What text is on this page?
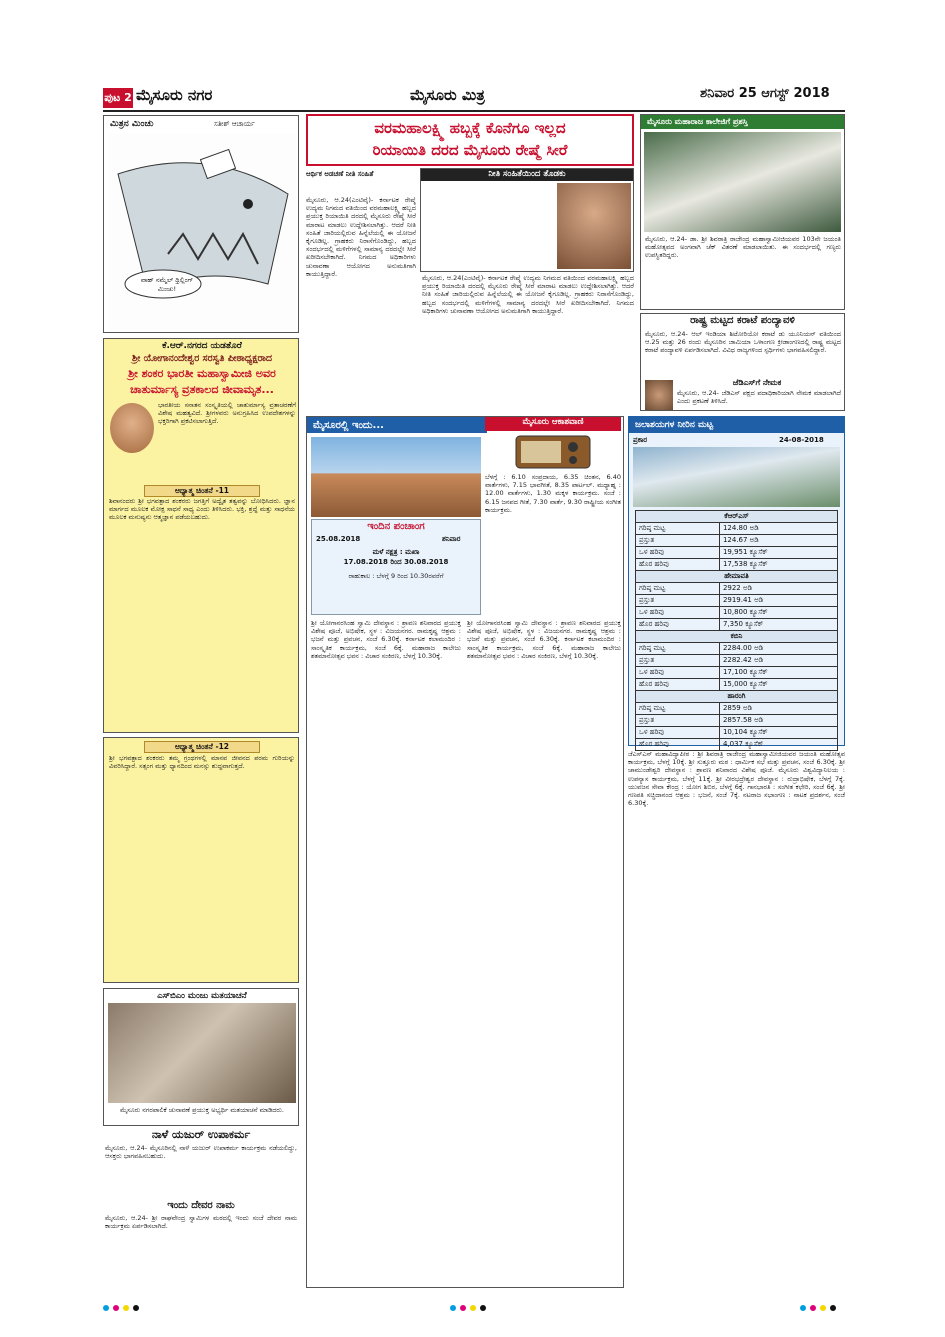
ಪುಟ 2 ಮೈಸೂರು ನಗರ	ಮೈಸೂರು ಮಿತ್ರ	ಶನಿವಾರ 25 ಆಗಸ್ಟ್ 2018
ಮಿತ್ರನ ಮಿಂಚು	ಸತೀಶ್ ಆಚಾರ್ಯ
ವಾಹ್ ನಮ್ಮೆಲ್ ಥ್ರಿಲ್ಲಿಂಗ್ ಮಿಂಚು!
ಕೆ.ಆರ್.ನಗರದ ಯಡತೊರೆ
ಶ್ರೀ ಯೋಗಾನಂದೇಶ್ವರ ಸರಸ್ವತಿ ಪೀಠಾಧ್ಯಕ್ಷರಾದ
ಶ್ರೀ ಶಂಕರ ಭಾರತೀ ಮಹಾಸ್ವಾಮೀಜಿ ಅವರ
ಚಾತುರ್ಮಾಸ್ಯ ವ್ರತಕಾಲದ ಜೀವಾಮೃತ...
ಭಾರತೀಯ ಸನಾತನ ಸಂಸ್ಕೃತಿಯಲ್ಲಿ ಚಾತುರ್ಮಾಸ್ಯ ವ್ರತಾಚರಣೆಗೆ ವಿಶೇಷ ಮಹತ್ವವಿದೆ. ಶ್ರೀಗಳವರು ಅನುಗ್ರಹಿಸಿದ ಉಪದೇಶಗಳನ್ನು ಭಕ್ತರಿಗಾಗಿ ಪ್ರಕಟಿಸಲಾಗುತ್ತಿದೆ.
ಆಧ್ಯಾತ್ಮ ಚಿಂತನೆ -11
ಶಿವಾನಂದರು ಶ್ರೀ ಭಗವತ್ಪಾದ ಶಂಕರರು ಜಗತ್ತಿಗೆ ಅದ್ವೈತ ತತ್ವವನ್ನು ಬೋಧಿಸಿದರು. ಜ್ಞಾನ ಮಾರ್ಗದ ಮೂಲಕ ಮೋಕ್ಷ ಸಾಧನೆ ಸಾಧ್ಯ ಎಂದು ತಿಳಿಸಿದರು. ಭಕ್ತಿ, ಶ್ರದ್ಧೆ ಮತ್ತು ಸಾಧನೆಯ ಮೂಲಕ ಮನುಷ್ಯನು ಆತ್ಮಜ್ಞಾನ ಪಡೆಯಬಹುದು.
ಆಧ್ಯಾತ್ಮ ಚಿಂತನೆ -12
ಶ್ರೀ ಭಗವತ್ಪಾದ ಶಂಕರರು ತಮ್ಮ ಗ್ರಂಥಗಳಲ್ಲಿ ಮಾನವ ಜೀವನದ ಪರಮ ಗುರಿಯನ್ನು ವಿವರಿಸಿದ್ದಾರೆ. ಸತ್ಸಂಗ ಮತ್ತು ಧ್ಯಾನದಿಂದ ಮನಸ್ಸು ಶುದ್ಧವಾಗುತ್ತದೆ.
ಎಸ್‌ಬಿಎಂ ಮಂಜು ಮತಯಾಚನೆ
ಮೈಸೂರು ನಗರಪಾಲಿಕೆ ಚುನಾವಣೆ ಪ್ರಯುಕ್ತ ಅಭ್ಯರ್ಥಿ ಮತಯಾಚನೆ ಮಾಡಿದರು.
ನಾಳೆ ಯಜುರ್ ಉಪಾಕರ್ಮ
ಮೈಸೂರು, ಆ.24- ಮೈಸೂರಿನಲ್ಲಿ ನಾಳೆ ಯಜುರ್ ಉಪಾಕರ್ಮ ಕಾರ್ಯಕ್ರಮ ನಡೆಯಲಿದ್ದು, ಆಸಕ್ತರು ಭಾಗವಹಿಸಬಹುದು.
ಇಂದು ದೇವರ ನಾಮ
ಮೈಸೂರು, ಆ.24- ಶ್ರೀ ರಾಘವೇಂದ್ರ ಸ್ವಾಮಿಗಳ ಮಠದಲ್ಲಿ ಇಂದು ಸಂಜೆ ದೇವರ ನಾಮ ಕಾರ್ಯಕ್ರಮ ಏರ್ಪಡಿಸಲಾಗಿದೆ.
ವರಮಹಾಲಕ್ಷ್ಮಿ ಹಬ್ಬಕ್ಕೆ ಕೊನೆಗೂ ಇಲ್ಲದ
ರಿಯಾಯಿತಿ ದರದ ಮೈಸೂರು ರೇಷ್ಮೆ ಸೀರೆ
ಆರ್ಥಿಕ ಅಡಚಣೆ ನೀತಿ ಸಂಹಿತೆ	ನೀತಿ ಸಂಹಿತೆಯಿಂದ ತೊಡಕು
ಮೈಸೂರು, ಆ.24(ಎಂಟಿವೈ)- ಕರ್ನಾಟಕ ರೇಷ್ಮೆ ಉದ್ಯಮ ನಿಗಮದ ವತಿಯಿಂದ ವರಮಹಾಲಕ್ಷ್ಮಿ ಹಬ್ಬದ ಪ್ರಯುಕ್ತ ರಿಯಾಯಿತಿ ದರದಲ್ಲಿ ಮೈಸೂರು ರೇಷ್ಮೆ ಸೀರೆ ಮಾರಾಟ ಮಾಡಲು ಉದ್ದೇಶಿಸಲಾಗಿತ್ತು. ಆದರೆ ನೀತಿ ಸಂಹಿತೆ ಜಾರಿಯಲ್ಲಿರುವ ಹಿನ್ನೆಲೆಯಲ್ಲಿ ಈ ಯೋಜನೆ ಕೈಗೂಡಿಲ್ಲ. ಗ್ರಾಹಕರು ನಿರಾಸೆಗೊಂಡಿದ್ದು, ಹಬ್ಬದ ಸಂದರ್ಭದಲ್ಲಿ ಮಳಿಗೆಗಳಲ್ಲಿ ಸಾಮಾನ್ಯ ದರದಲ್ಲೇ ಸೀರೆ ಖರೀದಿಸಬೇಕಾಗಿದೆ. ನಿಗಮದ ಅಧಿಕಾರಿಗಳು ಚುನಾವಣಾ ಆಯೋಗದ ಅನುಮತಿಗಾಗಿ ಕಾಯುತ್ತಿದ್ದಾರೆ.
ಮೈಸೂರು, ಆ.24(ಎಂಟಿವೈ)- ಕರ್ನಾಟಕ ರೇಷ್ಮೆ ಉದ್ಯಮ ನಿಗಮದ ವತಿಯಿಂದ ವರಮಹಾಲಕ್ಷ್ಮಿ ಹಬ್ಬದ ಪ್ರಯುಕ್ತ ರಿಯಾಯಿತಿ ದರದಲ್ಲಿ ಮೈಸೂರು ರೇಷ್ಮೆ ಸೀರೆ ಮಾರಾಟ ಮಾಡಲು ಉದ್ದೇಶಿಸಲಾಗಿತ್ತು. ಆದರೆ ನೀತಿ ಸಂಹಿತೆ ಜಾರಿಯಲ್ಲಿರುವ ಹಿನ್ನೆಲೆಯಲ್ಲಿ ಈ ಯೋಜನೆ ಕೈಗೂಡಿಲ್ಲ. ಗ್ರಾಹಕರು ನಿರಾಸೆಗೊಂಡಿದ್ದು, ಹಬ್ಬದ ಸಂದರ್ಭದಲ್ಲಿ ಮಳಿಗೆಗಳಲ್ಲಿ ಸಾಮಾನ್ಯ ದರದಲ್ಲೇ ಸೀರೆ ಖರೀದಿಸಬೇಕಾಗಿದೆ. ನಿಗಮದ ಅಧಿಕಾರಿಗಳು ಚುನಾವಣಾ ಆಯೋಗದ ಅನುಮತಿಗಾಗಿ ಕಾಯುತ್ತಿದ್ದಾರೆ.
ಮೈಸೂರು ಮಹಾರಾಜ ಕಾಲೇಜಿಗೆ ಪ್ರಶಸ್ತಿ
ಮೈಸೂರು, ಆ.24- ಡಾ. ಶ್ರೀ ಶಿವರಾತ್ರಿ ರಾಜೇಂದ್ರ ಮಹಾಸ್ವಾಮೀಜಿಯವರ 103ನೇ ಜಯಂತಿ ಮಹೋತ್ಸವದ ಅಂಗವಾಗಿ ಚೆಕ್ ವಿತರಣೆ ಮಾಡಲಾಯಿತು. ಈ ಸಂದರ್ಭದಲ್ಲಿ ಗಣ್ಯರು ಉಪಸ್ಥಿತರಿದ್ದರು.
ರಾಷ್ಟ್ರ ಮಟ್ಟದ ಕರಾಟೆ ಪಂದ್ಯಾವಳಿ
ಮೈಸೂರು, ಆ.24- ಆಲ್ ಇಂಡಿಯಾ ಶಿಟೋರಿಯೋ ಕರಾಟೆ ಡು ಯೂನಿಯನ್ ವತಿಯಿಂದ ಆ.25 ಮತ್ತು 26 ರಂದು ಮೈಸೂರಿನ ಜಾಮಿಯಾ ಒಳಾಂಗಣ ಕ್ರೀಡಾಂಗಣದಲ್ಲಿ ರಾಷ್ಟ್ರ ಮಟ್ಟದ ಕರಾಟೆ ಪಂದ್ಯಾವಳಿ ಏರ್ಪಡಿಸಲಾಗಿದೆ. ವಿವಿಧ ರಾಜ್ಯಗಳಿಂದ ಸ್ಪರ್ಧಿಗಳು ಭಾಗವಹಿಸಲಿದ್ದಾರೆ.
ಜೆಡಿಎಸ್‌ಗೆ ನೇಮಕ
ಮೈಸೂರು, ಆ.24- ಜೆಡಿಎಸ್ ಪಕ್ಷದ ಪದಾಧಿಕಾರಿಯಾಗಿ ನೇಮಕ ಮಾಡಲಾಗಿದೆ ಎಂದು ಪ್ರಕಟಣೆ ತಿಳಿಸಿದೆ.
ಮೈಸೂರಲ್ಲಿ ಇಂದು...
ಇಂದಿನ ಪಂಚಾಂಗ
25.08.2018	ಶನಿವಾರ
ಮಳೆ ನಕ್ಷತ್ರ : ಮಖಾ
17.08.2018 ರಿಂದ 30.08.2018
ರಾಹುಕಾಲ : ಬೆಳಗ್ಗೆ 9 ರಿಂದ 10.30ರವರೆಗೆ
ಮೈಸೂರು ಆಕಾಶವಾಣಿ
ಬೆಳಗ್ಗೆ : 6.10 ಸಂಪ್ರದಾಯ, 6.35 ಚಿಂತನ, 6.40 ವಾರ್ತೆಗಳು, 7.15 ಭಾವಗೀತೆ, 8.35 ಪಾರ್ಟಲ್. ಮಧ್ಯಾಹ್ನ : 12.00 ವಾರ್ತೆಗಳು, 1.30 ಮಕ್ಕಳ ಕಾರ್ಯಕ್ರಮ. ಸಂಜೆ : 6.15 ಜನಪದ ಗೀತೆ, 7.30 ವಾರ್ತೆ, 9.30 ರಾಷ್ಟ್ರೀಯ ಸಂಗೀತ ಕಾರ್ಯಕ್ರಮ.
ಶ್ರೀ ಯೋಗಾನರಸಿಂಹ ಸ್ವಾಮಿ ದೇವಸ್ಥಾನ : ಶ್ರಾವಣ ಶನಿವಾರದ ಪ್ರಯುಕ್ತ ವಿಶೇಷ ಪೂಜೆ, ಅಭಿಷೇಕ, ಸ್ಥಳ : ವಿಜಯನಗರ. ರಾಮಕೃಷ್ಣ ಆಶ್ರಮ : ಭಜನೆ ಮತ್ತು ಪ್ರವಚನ, ಸಂಜೆ 6.30ಕ್ಕೆ. ಕರ್ನಾಟಕ ಕಲಾಮಂದಿರ : ಸಾಂಸ್ಕೃತಿಕ ಕಾರ್ಯಕ್ರಮ, ಸಂಜೆ 6ಕ್ಕೆ. ಮಹಾರಾಜ ಕಾಲೇಜು ಶತಮಾನೋತ್ಸವ ಭವನ : ವಿಚಾರ ಸಂಕಿರಣ, ಬೆಳಗ್ಗೆ 10.30ಕ್ಕೆ.
ಶ್ರೀ ಯೋಗಾನರಸಿಂಹ ಸ್ವಾಮಿ ದೇವಸ್ಥಾನ : ಶ್ರಾವಣ ಶನಿವಾರದ ಪ್ರಯುಕ್ತ ವಿಶೇಷ ಪೂಜೆ, ಅಭಿಷೇಕ, ಸ್ಥಳ : ವಿಜಯನಗರ. ರಾಮಕೃಷ್ಣ ಆಶ್ರಮ : ಭಜನೆ ಮತ್ತು ಪ್ರವಚನ, ಸಂಜೆ 6.30ಕ್ಕೆ. ಕರ್ನಾಟಕ ಕಲಾಮಂದಿರ : ಸಾಂಸ್ಕೃತಿಕ ಕಾರ್ಯಕ್ರಮ, ಸಂಜೆ 6ಕ್ಕೆ. ಮಹಾರಾಜ ಕಾಲೇಜು ಶತಮಾನೋತ್ಸವ ಭವನ : ವಿಚಾರ ಸಂಕಿರಣ, ಬೆಳಗ್ಗೆ 10.30ಕ್ಕೆ.
ಜಲಾಶಯಗಳ ನೀರಿನ ಮಟ್ಟ
ಪ್ರಕಾರ	24-08-2018
ಕೆಆರ್‌ಎಸ್	
ಗರಿಷ್ಠ ಮಟ್ಟ	124.80 ಅಡಿ
ಪ್ರಸ್ತುತ	124.67 ಅಡಿ
ಒಳ ಹರಿವು	19,951 ಕ್ಯೂಸೆಕ್
ಹೊರ ಹರಿವು	17,538 ಕ್ಯೂಸೆಕ್
ಹೇಮಾವತಿ	
ಗರಿಷ್ಠ ಮಟ್ಟ	2922 ಅಡಿ
ಪ್ರಸ್ತುತ	2919.41 ಅಡಿ
ಒಳ ಹರಿವು	10,800 ಕ್ಯೂಸೆಕ್
ಹೊರ ಹರಿವು	7,350 ಕ್ಯೂಸೆಕ್
ಕಬಿನಿ	
ಗರಿಷ್ಠ ಮಟ್ಟ	2284.00 ಅಡಿ
ಪ್ರಸ್ತುತ	2282.42 ಅಡಿ
ಒಳ ಹರಿವು	17,100 ಕ್ಯೂಸೆಕ್
ಹೊರ ಹರಿವು	15,000 ಕ್ಯೂಸೆಕ್
ಹಾರಂಗಿ	
ಗರಿಷ್ಠ ಮಟ್ಟ	2859 ಅಡಿ
ಪ್ರಸ್ತುತ	2857.58 ಅಡಿ
ಒಳ ಹರಿವು	10,104 ಕ್ಯೂಸೆಕ್
ಹೊರ ಹರಿವು	4,037 ಕ್ಯೂಸೆಕ್
ಜೆಎಸ್‌ಎಸ್ ಮಹಾವಿದ್ಯಾಪೀಠ : ಶ್ರೀ ಶಿವರಾತ್ರಿ ರಾಜೇಂದ್ರ ಮಹಾಸ್ವಾಮೀಜಿಯವರ ಜಯಂತಿ ಮಹೋತ್ಸವ ಕಾರ್ಯಕ್ರಮ, ಬೆಳಗ್ಗೆ 10ಕ್ಕೆ. ಶ್ರೀ ಸುತ್ತೂರು ಮಠ : ಧಾರ್ಮಿಕ ಸಭೆ ಮತ್ತು ಪ್ರವಚನ, ಸಂಜೆ 6.30ಕ್ಕೆ. ಶ್ರೀ ಚಾಮುಂಡೇಶ್ವರಿ ದೇವಸ್ಥಾನ : ಶ್ರಾವಣ ಶನಿವಾರದ ವಿಶೇಷ ಪೂಜೆ. ಮೈಸೂರು ವಿಶ್ವವಿದ್ಯಾನಿಲಯ : ಉಪನ್ಯಾಸ ಕಾರ್ಯಕ್ರಮ, ಬೆಳಗ್ಗೆ 11ಕ್ಕೆ. ಶ್ರೀ ವೀರಭದ್ರೇಶ್ವರ ದೇವಸ್ಥಾನ : ರುದ್ರಾಭಿಷೇಕ, ಬೆಳಗ್ಗೆ 7ಕ್ಕೆ. ಯುವಜನ ಸೇವಾ ಕೇಂದ್ರ : ಯೋಗ ಶಿಬಿರ, ಬೆಳಗ್ಗೆ 6ಕ್ಕೆ. ಗಾನಭಾರತಿ : ಸಂಗೀತ ಕಛೇರಿ, ಸಂಜೆ 6ಕ್ಕೆ. ಶ್ರೀ ಗಣಪತಿ ಸಚ್ಚಿದಾನಂದ ಆಶ್ರಮ : ಭಜನೆ, ಸಂಜೆ 7ಕ್ಕೆ. ನಟರಾಜ ಸಭಾಂಗಣ : ನಾಟಕ ಪ್ರದರ್ಶನ, ಸಂಜೆ 6.30ಕ್ಕೆ.
